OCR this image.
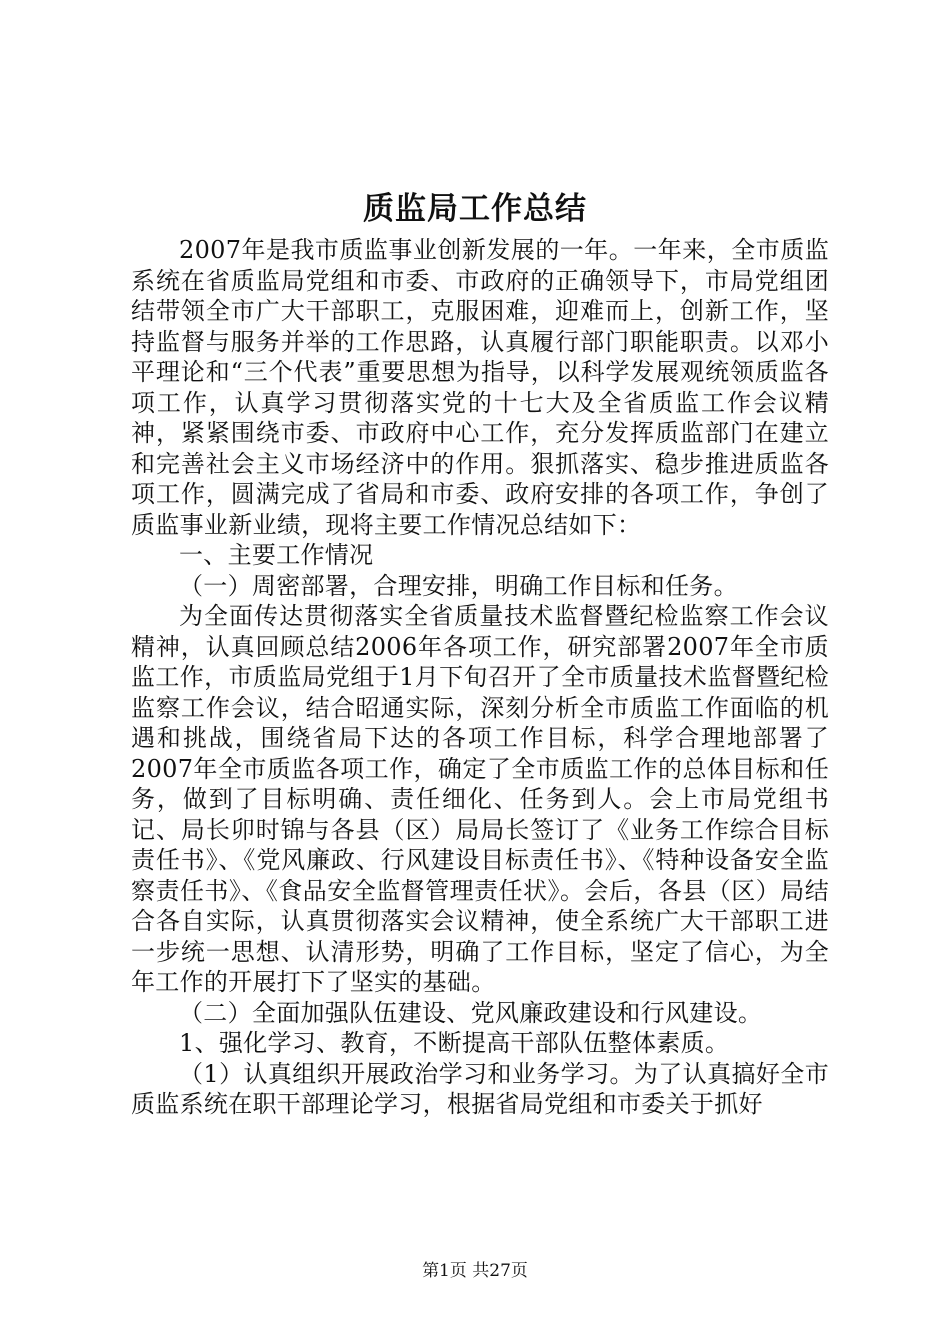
质监局工作总结

2007年是我市质监事业创新发展的一年。一年来，全市质监系统在省质监局党组和市委、市政府的正确领导下，市局党组团结带领全市广大干部职工，克服困难，迎难而上，创新工作，坚持监督与服务并举的工作思路，认真履行部门职能职责。以邓小平理论和“三个代表”重要思想为指导，以科学发展观统领质监各项工作，认真学习贯彻落实党的十七大及全省质监工作会议精神，紧紧围绕市委、市政府中心工作，充分发挥质监部门在建立和完善社会主义市场经济中的作用。狠抓落实、稳步推进质监各项工作，圆满完成了省局和市委、政府安排的各项工作，争创了质监事业新业绩，现将主要工作情况总结如下：

一、主要工作情况

（一）周密部署，合理安排，明确工作目标和任务。

为全面传达贯彻落实全省质量技术监督暨纪检监察工作会议精神，认真回顾总结2006年各项工作，研究部署2007年全市质监工作，市质监局党组于1月下旬召开了全市质量技术监督暨纪检监察工作会议，结合昭通实际，深刻分析全市质监工作面临的机遇和挑战，围绕省局下达的各项工作目标，科学合理地部署了2007年全市质监各项工作，确定了全市质监工作的总体目标和任务，做到了目标明确、责任细化、任务到人。会上市局党组书记、局长卯时锦与各县（区）局局长签订了《业务工作综合目标责任书》、《党风廉政、行风建设目标责任书》、《特种设备安全监察责任书》、《食品安全监督管理责任状》。会后，各县（区）局结合各自实际，认真贯彻落实会议精神，使全系统广大干部职工进一步统一思想、认清形势，明确了工作目标，坚定了信心，为全年工作的开展打下了坚实的基础。

（二）全面加强队伍建设、党风廉政建设和行风建设。

1、强化学习、教育，不断提高干部队伍整体素质。

（1）认真组织开展政治学习和业务学习。为了认真搞好全市质监系统在职干部理论学习，根据省局党组和市委关于抓好

第1页 共27页
